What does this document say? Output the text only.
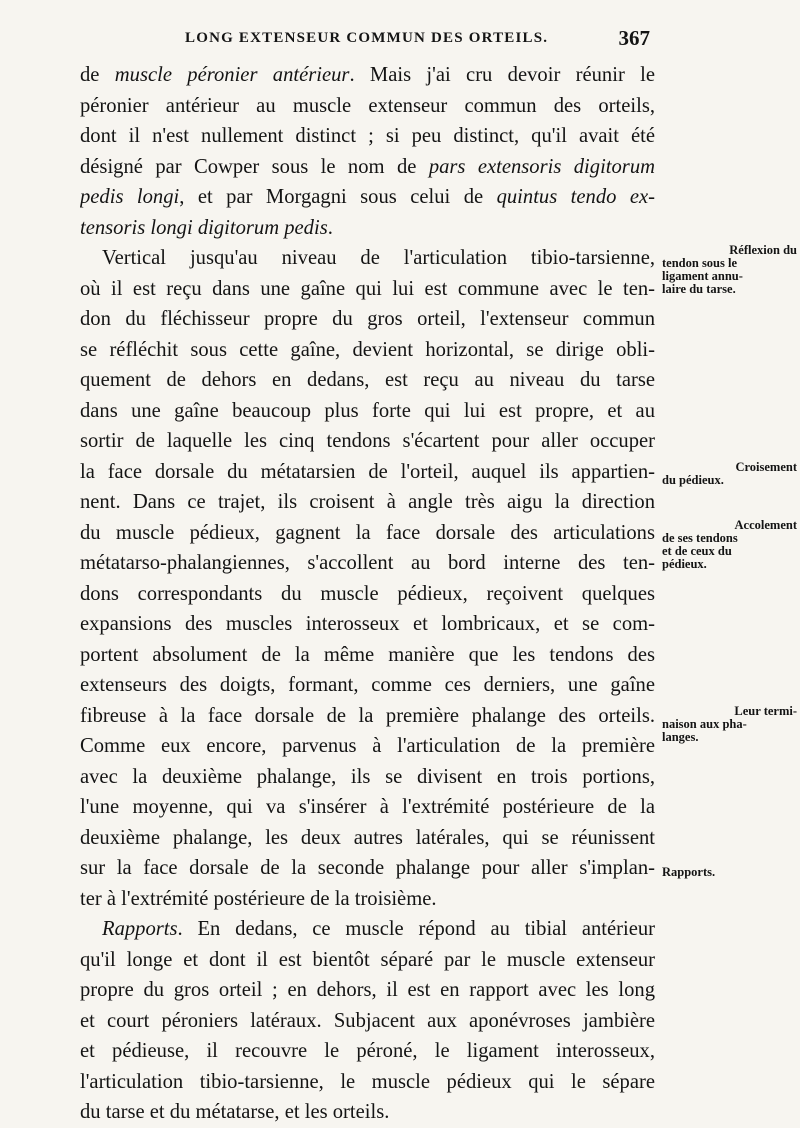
LONG EXTENSEUR COMMUN DES ORTEILS.	367
de muscle péronier antérieur. Mais j'ai cru devoir réunir le
péronier antérieur au muscle extenseur commun des orteils,
dont il n'est nullement distinct ; si peu distinct, qu'il avait été
désigné par Cowper sous le nom de pars extensoris digitorum
pedis longi, et par Morgagni sous celui de quintus tendo ex-
tensoris longi digitorum pedis.
Vertical jusqu'au niveau de l'articulation tibio-tarsienne,
où il est reçu dans une gaîne qui lui est commune avec le ten-
don du fléchisseur propre du gros orteil, l'extenseur commun
se réfléchit sous cette gaîne, devient horizontal, se dirige obli-
quement de dehors en dedans, est reçu au niveau du tarse
dans une gaîne beaucoup plus forte qui lui est propre, et au
sortir de laquelle les cinq tendons s'écartent pour aller occuper
la face dorsale du métatarsien de l'orteil, auquel ils appartien-
nent. Dans ce trajet, ils croisent à angle très aigu la direction
du muscle pédieux, gagnent la face dorsale des articulations
métatarso-phalangiennes, s'accollent au bord interne des ten-
dons correspondants du muscle pédieux, reçoivent quelques
expansions des muscles interosseux et lombricaux, et se com-
portent absolument de la même manière que les tendons des
extenseurs des doigts, formant, comme ces derniers, une gaîne
fibreuse à la face dorsale de la première phalange des orteils.
Comme eux encore, parvenus à l'articulation de la première
avec la deuxième phalange, ils se divisent en trois portions,
l'une moyenne, qui va s'insérer à l'extrémité postérieure de la
deuxième phalange, les deux autres latérales, qui se réunissent
sur la face dorsale de la seconde phalange pour aller s'implan-
ter à l'extrémité postérieure de la troisième.
Rapports. En dedans, ce muscle répond au tibial antérieur
qu'il longe et dont il est bientôt séparé par le muscle extenseur
propre du gros orteil ; en dehors, il est en rapport avec les long
et court péroniers latéraux. Subjacent aux aponévroses jambière
et pédieuse, il recouvre le péroné, le ligament interosseux,
l'articulation tibio-tarsienne, le muscle pédieux qui le sépare
du tarse et du métatarse, et les orteils.
Réflexion du
tendon sous le
ligament annu-
laire du tarse.
Croisement
du pédieux.
Accolement
de ses tendons
et de ceux du
pédieux.
Leur termi-
naison aux pha-
langes.
Rapports.
